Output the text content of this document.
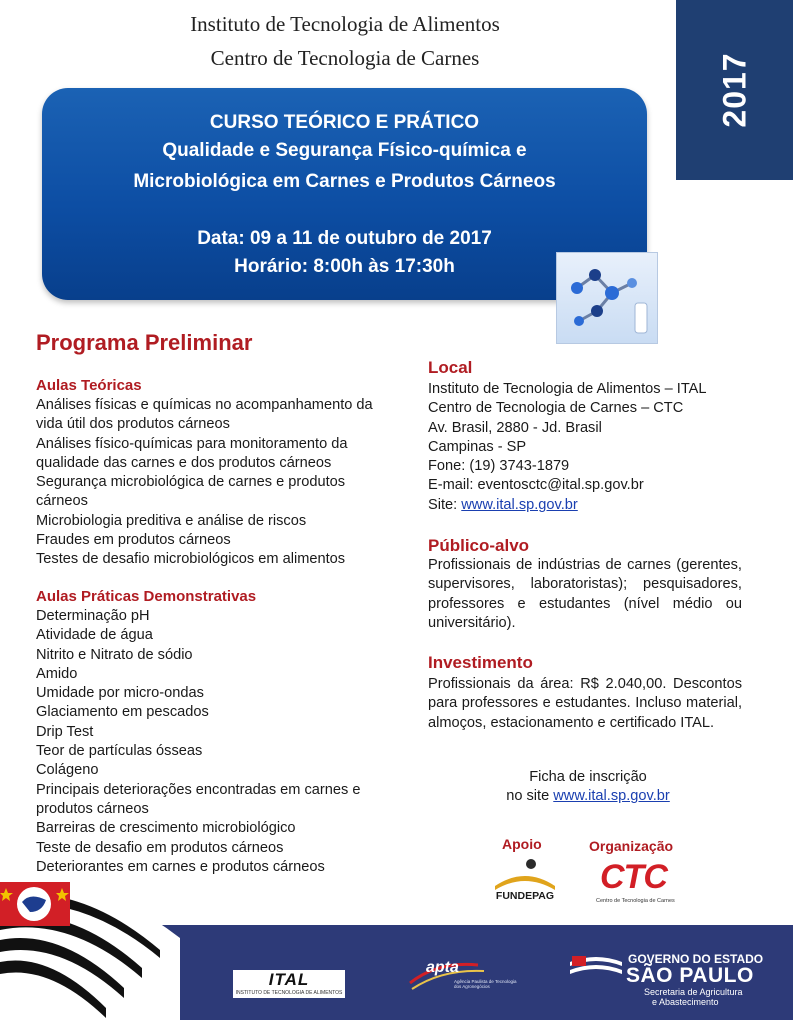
Instituto de Tecnologia de Alimentos
Centro de Tecnologia de Carnes	2017
CURSO TEÓRICO E PRÁTICO
Qualidade e Segurança Físico-química e
Microbiológica em Carnes e Produtos Cárneos
Data: 09 a 11 de outubro de 2017
Horário: 8:00h às 17:30h
Programa Preliminar
Aulas Teóricas
Análises físicas e químicas no acompanhamento da vida útil dos produtos cárneos
Análises físico-químicas para monitoramento da qualidade das carnes e dos produtos cárneos
Segurança microbiológica de carnes e produtos cárneos
Microbiologia preditiva e análise de riscos
Fraudes em produtos cárneos
Testes de desafio microbiológicos em alimentos
Aulas Práticas Demonstrativas
Determinação pH
Atividade de água
Nitrito e Nitrato de sódio
Amido
Umidade por micro-ondas
Glaciamento em pescados
Drip Test
Teor de partículas ósseas
Colágeno
Principais deteriorações encontradas em carnes e produtos cárneos
Barreiras de crescimento microbiológico
Teste de desafio em produtos cárneos
Deteriorantes em carnes e produtos cárneos
Local
Instituto de Tecnologia de Alimentos – ITAL
Centro de Tecnologia de Carnes – CTC
Av. Brasil, 2880 - Jd. Brasil
Campinas - SP
Fone: (19) 3743-1879
E-mail: eventosctc@ital.sp.gov.br
Site: www.ital.sp.gov.br
Público-alvo
Profissionais de indústrias de carnes (gerentes, supervisores, laboratoristas); pesquisadores, professores e estudantes (nível médio ou universitário).
Investimento
Profissionais da área: R$ 2.040,00. Descontos para professores e estudantes. Incluso material, almoços, estacionamento e certificado ITAL.
Ficha de inscrição
no site www.ital.sp.gov.br
Apoio	Organização
FUNDEPAG CTC
Centro de Tecnologia de Carnes
ITAL
INSTITUTO DE TECNOLOGIA DE ALIMENTOS
apta
Agência Paulista de Tecnologia dos Agronegócios
GOVERNO DO ESTADO
SÃO PAULO
Secretaria de Agricultura
e Abastecimento
